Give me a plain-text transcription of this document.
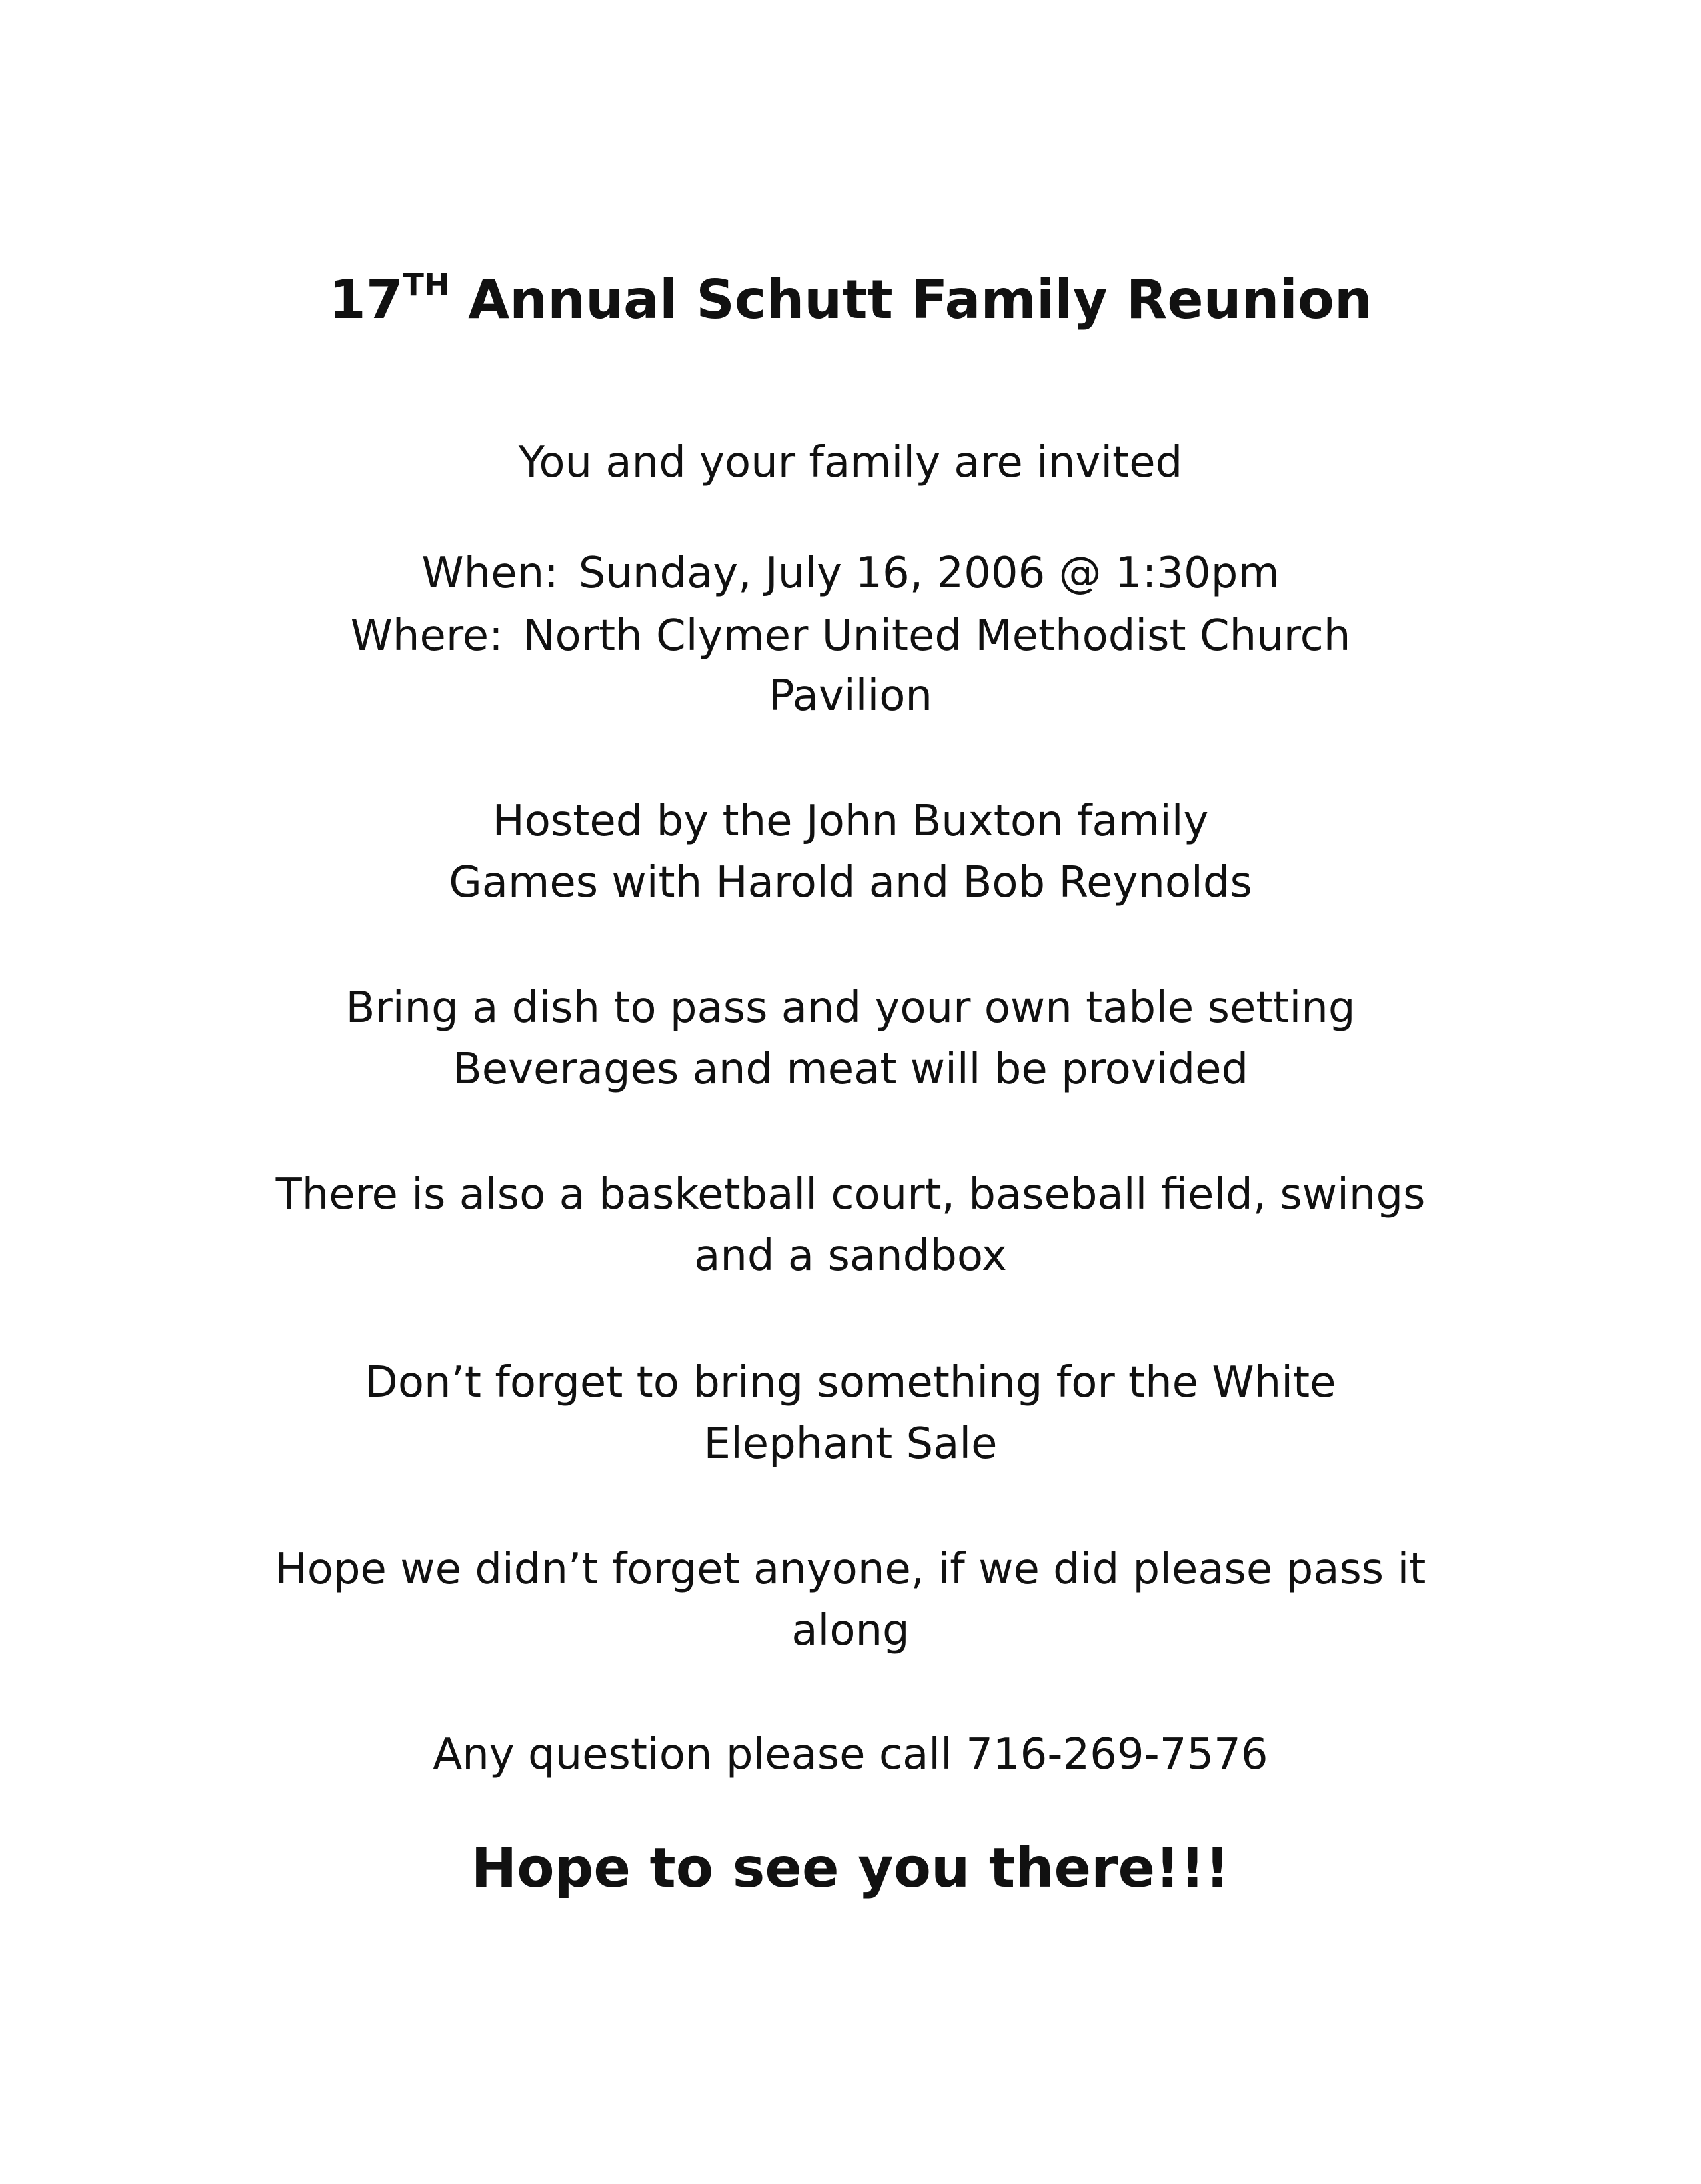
17TH Annual Schutt Family Reunion
You and your family are invited
When: Sunday, July 16, 2006 @ 1:30pm
Where: North Clymer United Methodist Church
Pavilion
Hosted by the John Buxton family
Games with Harold and Bob Reynolds
Bring a dish to pass and your own table setting
Beverages and meat will be provided
There is also a basketball court, baseball field, swings
and a sandbox
Don’t forget to bring something for the White
Elephant Sale
Hope we didn’t forget anyone, if we did please pass it
along
Any question please call 716-269-7576
Hope to see you there!!!
